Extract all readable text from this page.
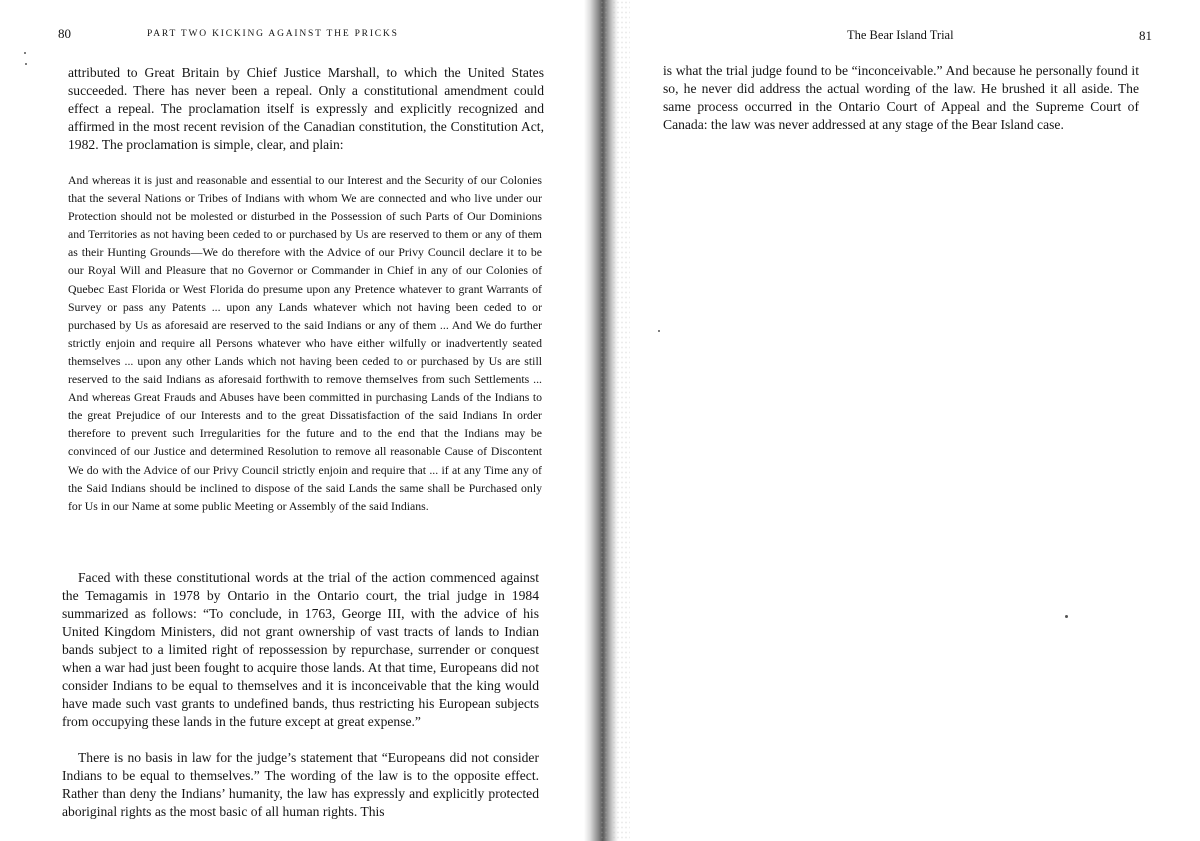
80	PART TWO KICKING AGAINST THE PRICKS

attributed to Great Britain by Chief Justice Marshall, to which the United States succeeded. There has never been a repeal. Only a constitutional amendment could effect a repeal. The proclamation itself is expressly and explicitly recognized and affirmed in the most recent revision of the Canadian constitution, the Constitution Act, 1982. The proclamation is simple, clear, and plain:

And whereas it is just and reasonable and essential to our Interest and the Security of our Colonies that the several Nations or Tribes of Indians with whom We are connected and who live under our Protection should not be molested or disturbed in the Possession of such Parts of Our Dominions and Territories as not having been ceded to or purchased by Us are reserved to them or any of them as their Hunting Grounds—We do therefore with the Advice of our Privy Council declare it to be our Royal Will and Pleasure that no Governor or Commander in Chief in any of our Colonies of Quebec East Florida or West Florida do presume upon any Pretence whatever to grant Warrants of Survey or pass any Patents ... upon any Lands whatever which not having been ceded to or purchased by Us as aforesaid are reserved to the said Indians or any of them ... And We do further strictly enjoin and require all Persons whatever who have either wilfully or inadvertently seated themselves ... upon any other Lands which not having been ceded to or purchased by Us are still reserved to the said Indians as aforesaid forthwith to remove themselves from such Settlements ... And whereas Great Frauds and Abuses have been committed in purchasing Lands of the Indians to the great Prejudice of our Interests and to the great Dissatisfaction of the said Indians In order therefore to prevent such Irregularities for the future and to the end that the Indians may be convinced of our Justice and determined Resolution to remove all reasonable Cause of Discontent We do with the Advice of our Privy Council strictly enjoin and require that ... if at any Time any of the Said Indians should be inclined to dispose of the said Lands the same shall be Purchased only for Us in our Name at some public Meeting or Assembly of the said Indians.

Faced with these constitutional words at the trial of the action commenced against the Temagamis in 1978 by Ontario in the Ontario court, the trial judge in 1984 summarized as follows: “To conclude, in 1763, George III, with the advice of his United Kingdom Ministers, did not grant ownership of vast tracts of lands to Indian bands subject to a limited right of repossession by repurchase, surrender or conquest when a war had just been fought to acquire those lands. At that time, Europeans did not consider Indians to be equal to themselves and it is inconceivable that the king would have made such vast grants to undefined bands, thus restricting his European subjects from occupying these lands in the future except at great expense.”

There is no basis in law for the judge’s statement that “Europeans did not consider Indians to be equal to themselves.” The wording of the law is to the opposite effect. Rather than deny the Indians’ humanity, the law has expressly and explicitly protected aboriginal rights as the most basic of all human rights. This

The Bear Island Trial	81

is what the trial judge found to be “inconceivable.” And because he personally found it so, he never did address the actual wording of the law. He brushed it all aside. The same process occurred in the Ontario Court of Appeal and the Supreme Court of Canada: the law was never addressed at any stage of the Bear Island case.
